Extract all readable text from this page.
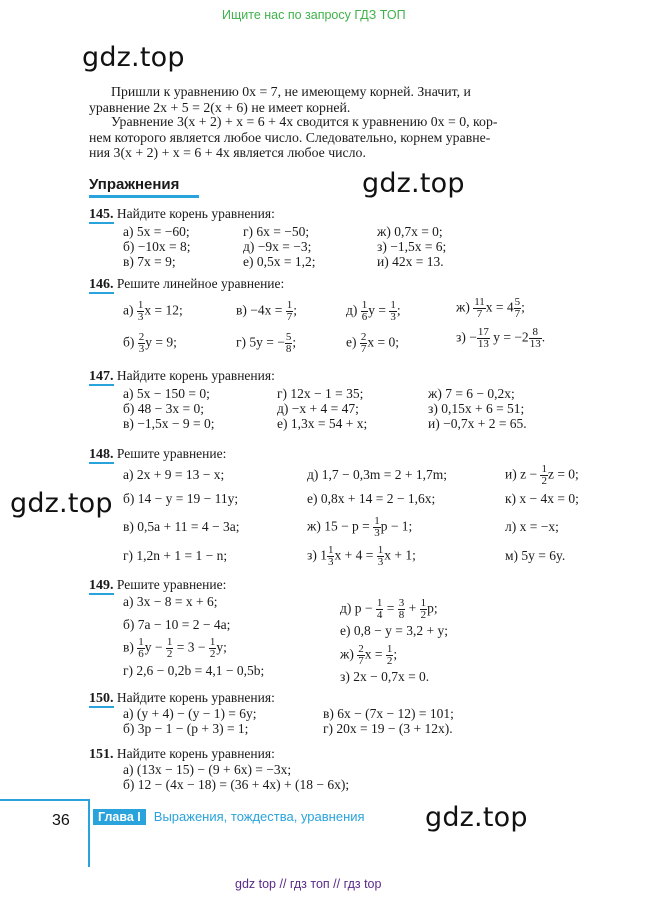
Ищите нас по запросу ГДЗ ТОП
gdz.top
gdz.top
gdz.top
gdz.top
Пришли к уравнению 0x = 7, не имеющему корней. Значит, и
уравнение 2x + 5 = 2(x + 6) не имеет корней.
Уравнение 3(x + 2) + x = 6 + 4x сводится к уравнению 0x = 0, кор-
нем которого является любое число. Следовательно, корнем уравне-
ния 3(x + 2) + x = 6 + 4x является любое число.
Упражнения
145. Найдите корень уравнения:
а) 5x = −60;
б) −10x = 8;
в) 7x = 9;
г) 6x = −50;
д) −9x = −3;
е) 0,5x = 1,2;
ж) 0,7x = 0;
з) −1,5x = 6;
и) 42x = 13.
146. Решите линейное уравнение:
$а) \frac{1}{3}$ x = 12;
$б) \frac{2}{3}$ y = 9;
$в) -4x = \frac{1}{7}$ ;
г) 5y = − $\frac{5}{8}$ ;
$д) \frac{1}{6}$ $y = \frac{1}{3}$ ;
$е) \frac{2}{7}$ x = 0;
$ж) \frac{11}{7}$ $x = 4 \frac{5}{7}$ ;
$з) - \frac{17}{13}$ $y = -2 \frac{8}{13}$ .
147. Найдите корень уравнения:
а) 5x − 150 = 0;
б) 48 − 3x = 0;
в) −1,5x − 9 = 0;
г) 12x − 1 = 35;
д) −x + 4 = 47;
е) 1,3x = 54 + x;
ж) 7 = 6 − 0,2x;
з) 0,15x + 6 = 51;
и) −0,7x + 2 = 65.
148. Решите уравнение:
а) 2x + 9 = 13 − x;
б) 14 − y = 19 − 11y;
в) 0,5a + 11 = 4 − 3a;
г) 1,2n + 1 = 1 − n;
д) 1,7 − 0,3m = 2 + 1,7m;
е) 0,8x + 14 = 2 − 1,6x;
ж) $15 - p = \frac{1}{3}$ p − 1;
з) $1 \frac{1}{3}$ $x + 4 = \frac{1}{3}$ x + 1;
и) $z - \frac{1}{2}$ z = 0;
к) x − 4x = 0;
л) x = −x;
м) 5y = 6y.
149. Решите уравнение:
а) 3x − 8 = x + 6;
б) 7a − 10 = 2 − 4a;
$в) \frac{1}{6}$ $y - \frac{1}{2} = 3 - \frac{1}{2} y$;
г) 2,6 − 0,2b = 4,1 − 0,5b;
д) $p - \frac{1}{4} = \frac{3}{8} + \frac{1}{2} p$;
е) 0,8 − y = 3,2 + y;
$ж) \frac{2}{7}$ $x = \frac{1}{2}$ ;
з) 2x − 0,7x = 0.
150. Найдите корень уравнения:
а) (y + 4) − (y − 1) = 6y;
б) 3p − 1 − (p + 3) = 1;
в) 6x − (7x − 12) = 101;
г) 20x = 19 − (3 + 12x).
151. Найдите корень уравнения:
а) (13x − 15) − (9 + 6x) = −3x;
б) 12 − (4x − 18) = (36 + 4x) + (18 − 6x);
36	Глава I Выражения, тождества, уравнения
gdz top // гдз топ // гдз top
